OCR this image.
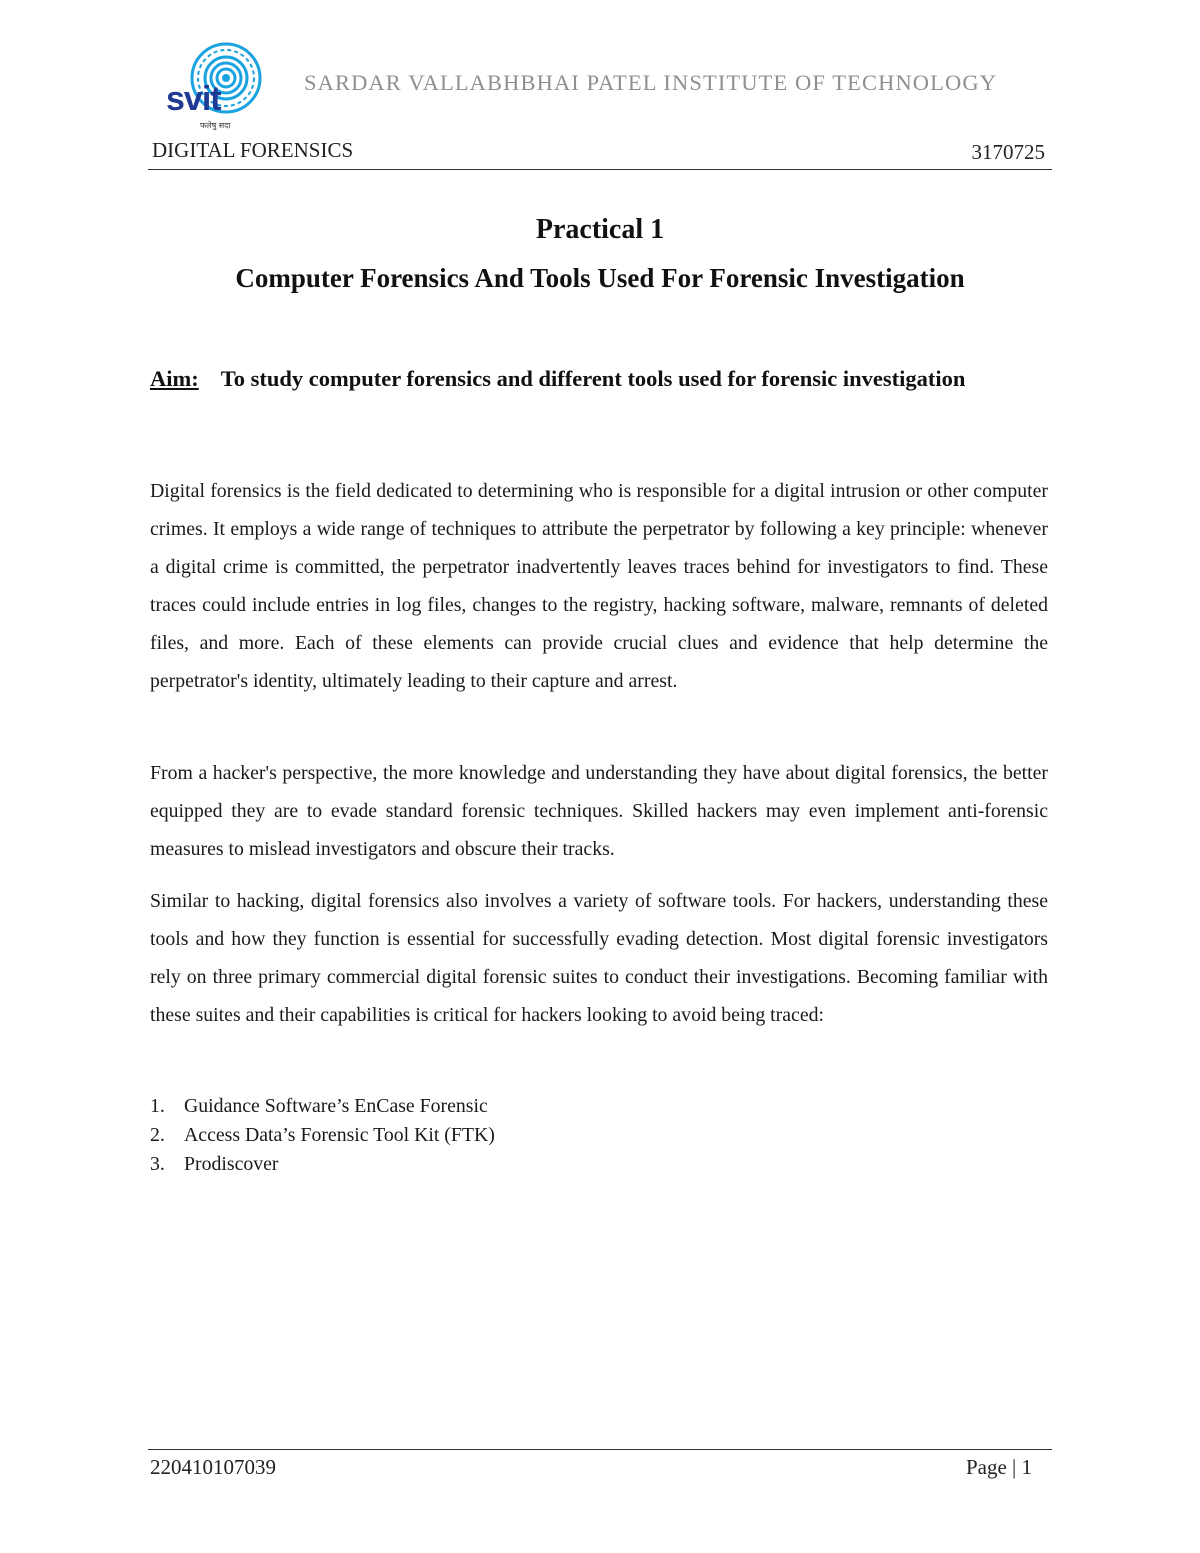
svit
फलेषु सदा
SARDAR VALLABHBHAI PATEL INSTITUTE OF TECHNOLOGY
DIGITAL FORENSICS	3170725
Practical 1
Computer Forensics And Tools Used For Forensic Investigation
Aim: To study computer forensics and different tools used for forensic investigation
Digital forensics is the field dedicated to determining who is responsible for a digital intrusion or other computer crimes. It employs a wide range of techniques to attribute the perpetrator by following a key principle: whenever a digital crime is committed, the perpetrator inadvertently leaves traces behind for investigators to find. These traces could include entries in log files, changes to the registry, hacking software, malware, remnants of deleted files, and more. Each of these elements can provide crucial clues and evidence that help determine the perpetrator's identity, ultimately leading to their capture and arrest.
From a hacker's perspective, the more knowledge and understanding they have about digital forensics, the better equipped they are to evade standard forensic techniques. Skilled hackers may even implement anti-forensic measures to mislead investigators and obscure their tracks.
Similar to hacking, digital forensics also involves a variety of software tools. For hackers, understanding these tools and how they function is essential for successfully evading detection. Most digital forensic investigators rely on three primary commercial digital forensic suites to conduct their investigations. Becoming familiar with these suites and their capabilities is critical for hackers looking to avoid being traced:
1. Guidance Software’s EnCase Forensic
2. Access Data’s Forensic Tool Kit (FTK)
3. Prodiscover
220410107039	Page | 1
